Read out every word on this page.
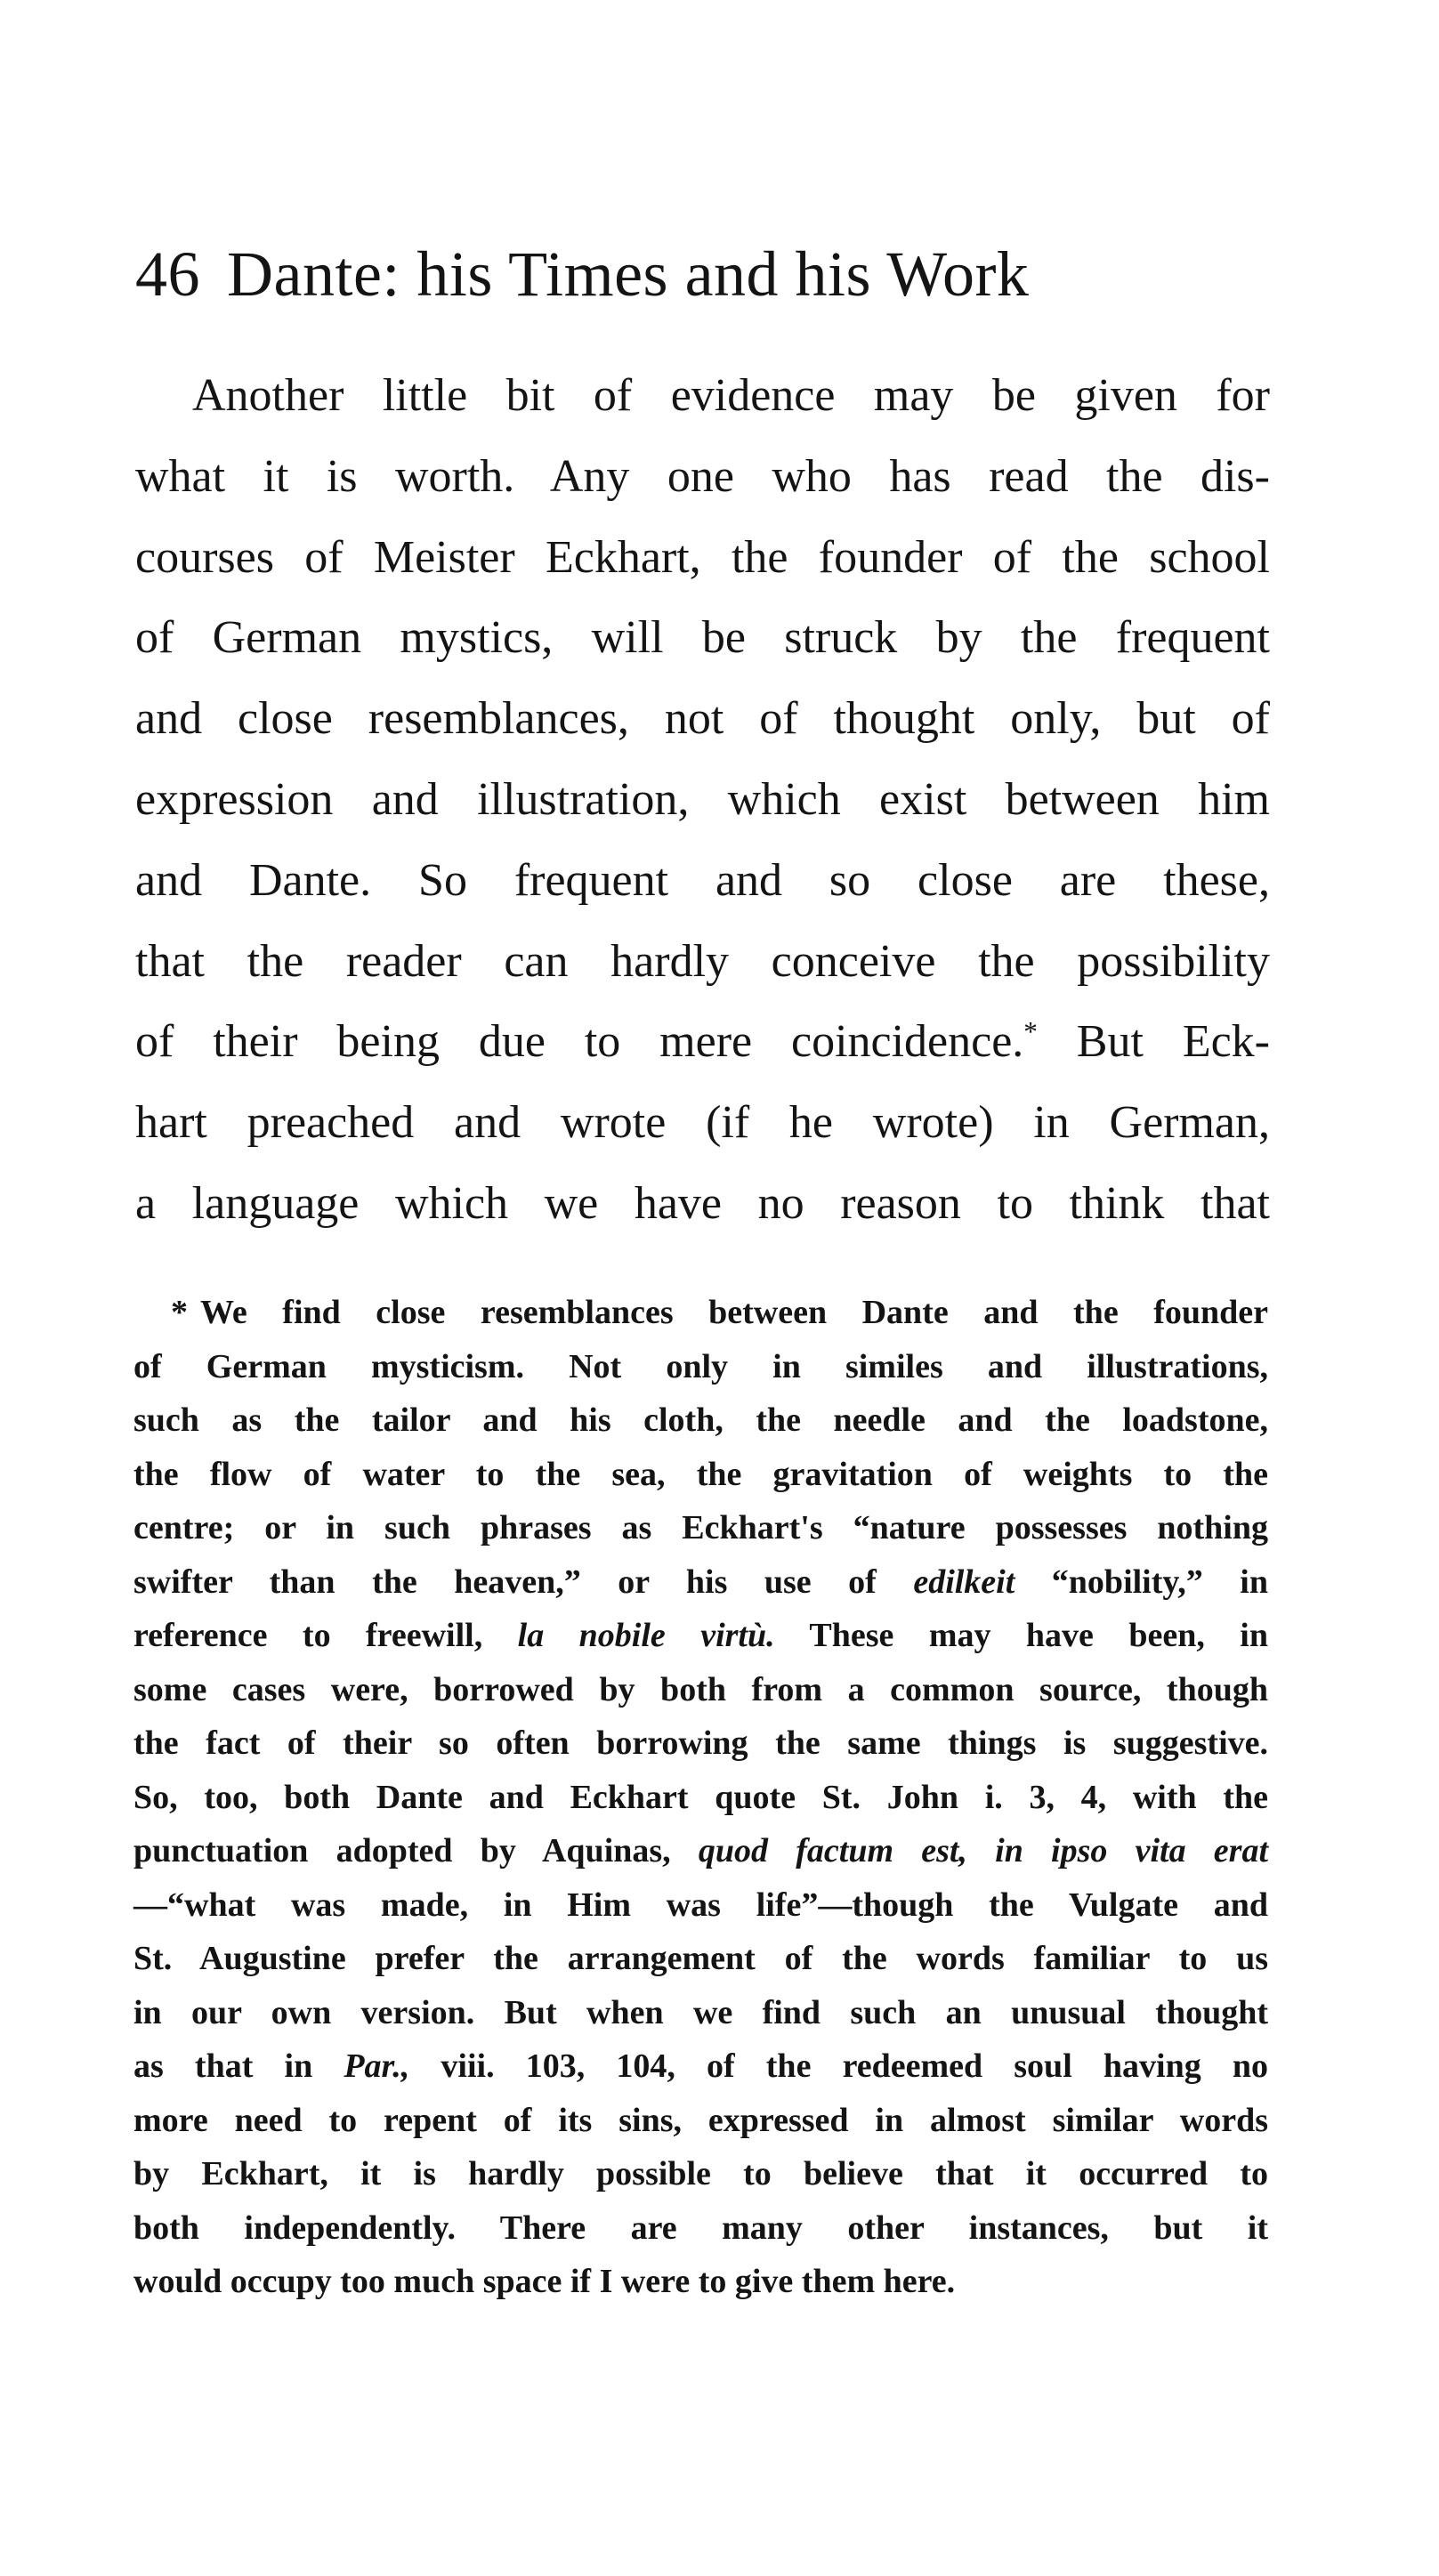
46 Dante: his Times and his Work
Another little bit of evidence may be given for
what it is worth. Any one who has read the dis-
courses of Meister Eckhart, the founder of the school
of German mystics, will be struck by the frequent
and close resemblances, not of thought only, but of
expression and illustration, which exist between him
and Dante. So frequent and so close are these,
that the reader can hardly conceive the possibility
of their being due to mere coincidence.* But Eck-
hart preached and wrote (if he wrote) in German,
a language which we have no reason to think that
* We find close resemblances between Dante and the founder
of German mysticism. Not only in similes and illustrations,
such as the tailor and his cloth, the needle and the loadstone,
the flow of water to the sea, the gravitation of weights to the
centre; or in such phrases as Eckhart's “nature possesses nothing
swifter than the heaven,” or his use of edilkeit “nobility,” in
reference to freewill, la nobile virtù. These may have been, in
some cases were, borrowed by both from a common source, though
the fact of their so often borrowing the same things is suggestive.
So, too, both Dante and Eckhart quote St. John i. 3, 4, with the
punctuation adopted by Aquinas, quod factum est, in ipso vita erat
—“what was made, in Him was life”—though the Vulgate and
St. Augustine prefer the arrangement of the words familiar to us
in our own version. But when we find such an unusual thought
as that in Par., viii. 103, 104, of the redeemed soul having no
more need to repent of its sins, expressed in almost similar words
by Eckhart, it is hardly possible to believe that it occurred to
both independently. There are many other instances, but it
would occupy too much space if I were to give them here.
